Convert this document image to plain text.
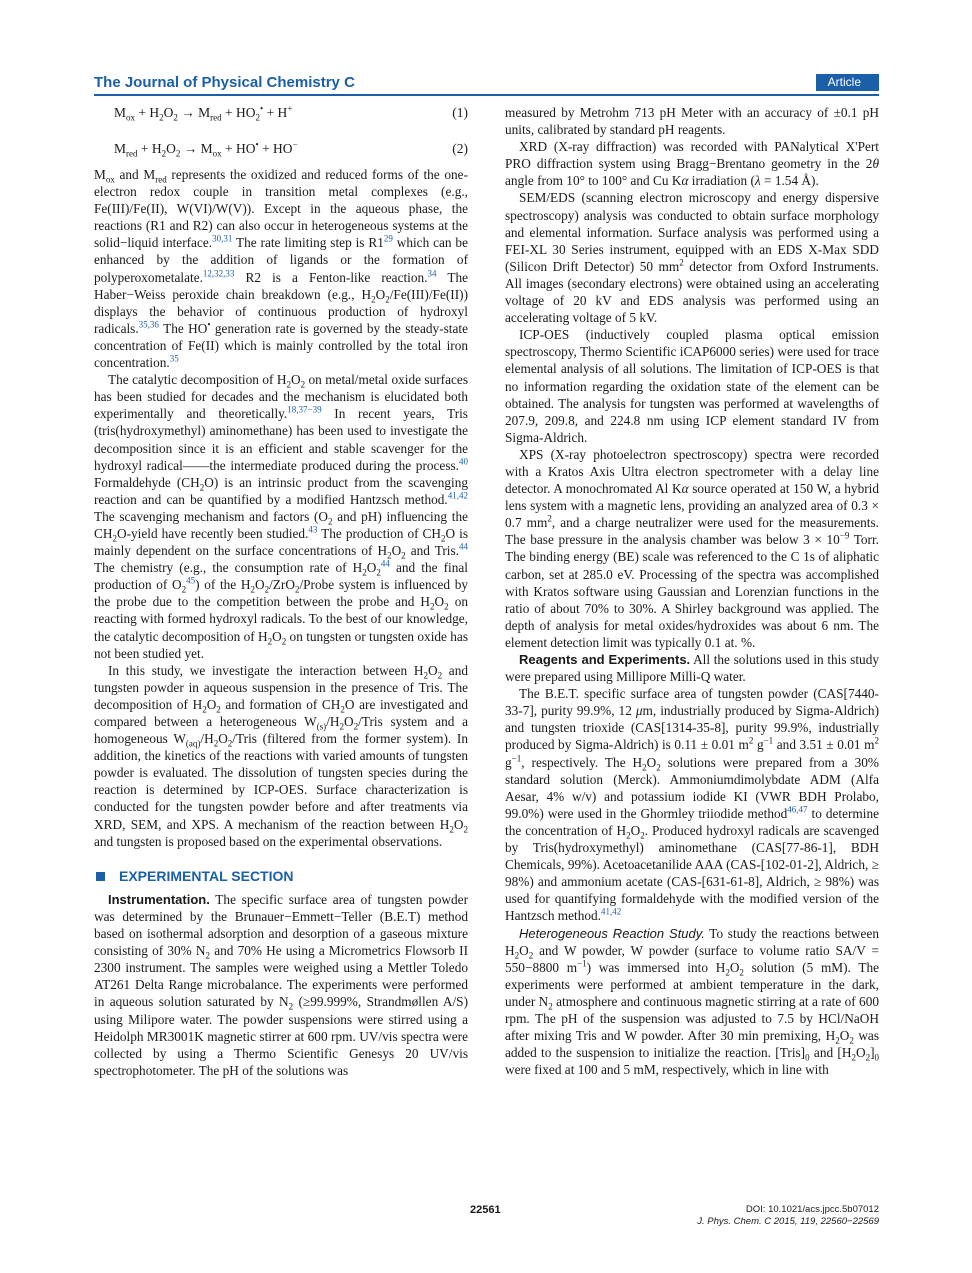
The Journal of Physical Chemistry C	Article
$M_{ox} + H_2O_2 \to M_{red} + HO_2^• + H^+$	(1)
$M_{red} + H_2O_2 \to M_{ox} + HO^• + HO^-$	(2)

$M_{ox}$ and $M_{red}$ represents the oxidized and reduced forms of the one-electron redox couple in transition metal complexes (e.g., Fe(III)/Fe(II), W(VI)/W(V)). Except in the aqueous phase, the reactions (R1 and R2) can also occur in heterogeneous systems at the solid−liquid interface.$^{30,31}$ The rate limiting step is R1$^{29}$ which can be enhanced by the addition of ligands or the formation of polyperoxometalate.$^{12,32,33}$ R2 is a Fenton-like reaction.$^{34}$ The Haber−Weiss peroxide chain breakdown (e.g., $H_2O_2/Fe(III)/Fe(II)$) displays the behavior of continuous production of hydroxyl radicals.$^{35,36}$ The HO• generation rate is governed by the steady-state concentration of Fe(II) which is mainly controlled by the total iron concentration.$^{35}$

The catalytic decomposition of $H_2O_2$ on metal/metal oxide surfaces has been studied for decades and the mechanism is elucidated both experimentally and theoretically.$^{18,37-39}$ In recent years, Tris (tris(hydroxymethyl) aminomethane) has been used to investigate the decomposition since it is an efficient and stable scavenger for the hydroxyl radical——the intermediate produced during the process.$^{40}$ Formaldehyde $(CH_2O)$ is an intrinsic product from the scavenging reaction and can be quantified by a modified Hantzsch method.$^{41,42}$ The scavenging mechanism and factors ($O_2$ and pH) influencing the $CH_2O$-yield have recently been studied.$^{43}$ The production of $CH_2O$ is mainly dependent on the surface concentrations of $H_2O_2$ and Tris.$^{44}$ The chemistry (e.g., the consumption rate of $H_2O_2^{44}$ and the final production of $O_2^{45}$) of the $H_2O_2/ZrO_2$/Probe system is influenced by the probe due to the competition between the probe and $H_2O_2$ on reacting with formed hydroxyl radicals. To the best of our knowledge, the catalytic decomposition of $H_2O_2$ on tungsten or tungsten oxide has not been studied yet.

In this study, we investigate the interaction between $H_2O_2$ and tungsten powder in aqueous suspension in the presence of Tris. The decomposition of $H_2O_2$ and formation of $CH_2O$ are investigated and compared between a heterogeneous $W_{(s)}/H_2O_2$/Tris system and a homogeneous $W_{(aq)}/H_2O_2$/Tris (filtered from the former system). In addition, the kinetics of the reactions with varied amounts of tungsten powder is evaluated. The dissolution of tungsten species during the reaction is determined by ICP-OES. Surface characterization is conducted for the tungsten powder before and after treatments via XRD, SEM, and XPS. A mechanism of the reaction between $H_2O_2$ and tungsten is proposed based on the experimental observations.

EXPERIMENTAL SECTION

Instrumentation. The specific surface area of tungsten powder was determined by the Brunauer−Emmett−Teller (B.E.T) method based on isothermal adsorption and desorption of a gaseous mixture consisting of 30% $N_2$ and 70% He using a Micrometrics Flowsorb II 2300 instrument. The samples were weighed using a Mettler Toledo AT261 Delta Range microbalance. The experiments were performed in aqueous solution saturated by $N_2$ (≥99.999%, Strandmøllen A/S) using Milipore water. The powder suspensions were stirred using a Heidolph MR3001K magnetic stirrer at 600 rpm. UV/vis spectra were collected by using a Thermo Scientific Genesys 20 UV/vis spectrophotometer. The pH of the solutions was

measured by Metrohm 713 pH Meter with an accuracy of ±0.1 pH units, calibrated by standard pH reagents.

XRD (X-ray diffraction) was recorded with PANalytical X'Pert PRO diffraction system using Bragg−Brentano geometry in the 2θ angle from 10° to 100° and Cu Kα irradiation (λ = 1.54 Å).

SEM/EDS (scanning electron microscopy and energy dispersive spectroscopy) analysis was conducted to obtain surface morphology and elemental information. Surface analysis was performed using a FEI-XL 30 Series instrument, equipped with an EDS X-Max SDD (Silicon Drift Detector) 50 $mm^2$ detector from Oxford Instruments. All images (secondary electrons) were obtained using an accelerating voltage of 20 kV and EDS analysis was performed using an accelerating voltage of 5 kV.

ICP-OES (inductively coupled plasma optical emission spectroscopy, Thermo Scientific iCAP6000 series) were used for trace elemental analysis of all solutions. The limitation of ICP-OES is that no information regarding the oxidation state of the element can be obtained. The analysis for tungsten was performed at wavelengths of 207.9, 209.8, and 224.8 nm using ICP element standard IV from Sigma-Aldrich.

XPS (X-ray photoelectron spectroscopy) spectra were recorded with a Kratos Axis Ultra electron spectrometer with a delay line detector. A monochromated Al Kα source operated at 150 W, a hybrid lens system with a magnetic lens, providing an analyzed area of 0.3 × 0.7 $mm^2$, and a charge neutralizer were used for the measurements. The base pressure in the analysis chamber was below $3 \times 10^{-9}$ Torr. The binding energy (BE) scale was referenced to the C 1s of aliphatic carbon, set at 285.0 eV. Processing of the spectra was accomplished with Kratos software using Gaussian and Lorenzian functions in the ratio of about 70% to 30%. A Shirley background was applied. The depth of analysis for metal oxides/hydroxides was about 6 nm. The element detection limit was typically 0.1 at. %.

Reagents and Experiments. All the solutions used in this study were prepared using Millipore Milli-Q water.

The B.E.T. specific surface area of tungsten powder (CAS[7440-33-7], purity 99.9%, 12 μm, industrially produced by Sigma-Aldrich) and tungsten trioxide (CAS[1314-35-8], purity 99.9%, industrially produced by Sigma-Aldrich) is 0.11 ± 0.01 $m^2$ $g^{-1}$ and 3.51 ± 0.01 $m^2$ $g^{-1}$, respectively. The $H_2O_2$ solutions were prepared from a 30% standard solution (Merck). Ammoniumdimolybdate ADM (Alfa Aesar, 4% w/v) and potassium iodide KI (VWR BDH Prolabo, 99.0%) were used in the Ghormley triiodide method$^{46,47}$ to determine the concentration of $H_2O_2$. Produced hydroxyl radicals are scavenged by Tris(hydroxymethyl) aminomethane (CAS[77-86-1], BDH Chemicals, 99%). Acetoacetanilide AAA (CAS-[102-01-2], Aldrich, ≥ 98%) and ammonium acetate (CAS-[631-61-8], Aldrich, ≥ 98%) was used for quantifying formaldehyde with the modified version of the Hantzsch method.$^{41,42}$

Heterogeneous Reaction Study. To study the reactions between $H_2O_2$ and W powder, W powder (surface to volume ratio SA/V = 550−8800 $m^{-1}$) was immersed into $H_2O_2$ solution (5 mM). The experiments were performed at ambient temperature in the dark, under $N_2$ atmosphere and continuous magnetic stirring at a rate of 600 rpm. The pH of the suspension was adjusted to 7.5 by HCl/NaOH after mixing Tris and W powder. After 30 min premixing, $H_2O_2$ was added to the suspension to initialize the reaction. $[Tris]_0$ and $[H_2O_2]_0$ were fixed at 100 and 5 mM, respectively, which in line with

22561	DOI: 10.1021/acs.jpcc.5b07012
J. Phys. Chem. C 2015, 119, 22560−22569
